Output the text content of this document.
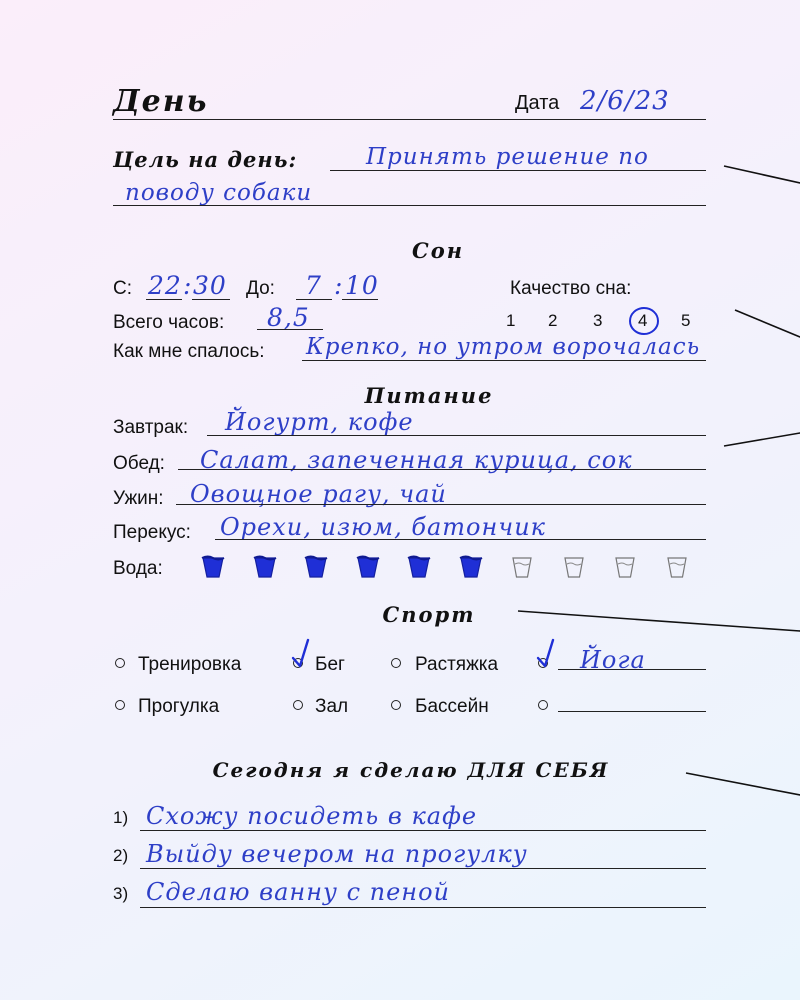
День	Дата 2/6/23
Цель на день:	Принять решение по
поводу собаки
Сон
С: 22 : 30 До: 7 : 10	Качество сна:
Всего часов: 8,5	1 2 3 4 5
Как мне спалось: Крепко, но утром ворочалась
Питание
Завтрак: Йогурт, кофе
Обед: Салат, запеченная курица, сок
Ужин: Овощное рагу, чай
Перекус: Орехи, изюм, батончик
Вода:
Спорт
Тренировка	Бег	Растяжка	Йога
Прогулка	Зал	Бассейн
Сегодня я сделаю ДЛЯ СЕБЯ
1) Схожу посидеть в кафе
2) Выйду вечером на прогулку
3) Сделаю ванну с пеной
